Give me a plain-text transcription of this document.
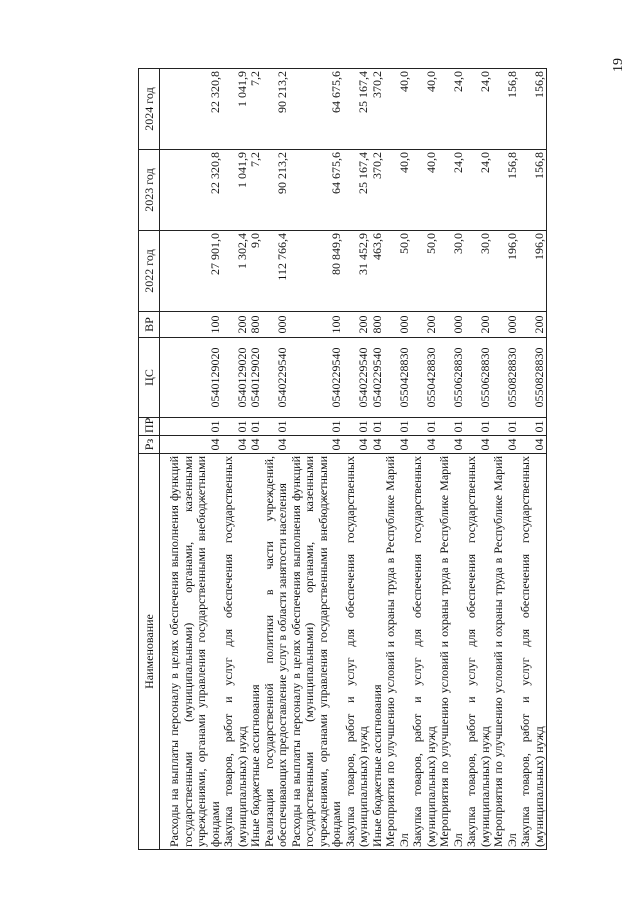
19
Наименование	Рз	ПР	ЦС	ВР	2022 год	2023 год	2024 год

Расходы на выплаты персоналу в целях обеспечения выполнения функций государственными (муниципальными) органами, казенными учреждениями, органами управления государственными внебюджетными фондами	04	01	0540129020	100	27 901,0	22 320,8	22 320,8
Закупка товаров, работ и услуг для обеспечения государственных (муниципальных) нужд	04	01	0540129020	200	1 302,4	1 041,9	1 041,9
Иные бюджетные ассигнования	04	01	0540129020	800	9,0	7,2	7,2
Реализация государственной политики в части учреждений, обеспечивающих предоставление услуг в области занятости населения	04	01	0540229540	000	112 766,4	90 213,2	90 213,2
Расходы на выплаты персоналу в целях обеспечения выполнения функций государственными (муниципальными) органами, казенными учреждениями, органами управления государственными внебюджетными фондами	04	01	0540229540	100	80 849,9	64 675,6	64 675,6
Закупка товаров, работ и услуг для обеспечения государственных (муниципальных) нужд	04	01	0540229540	200	31 452,9	25 167,4	25 167,4
Иные бюджетные ассигнования	04	01	0540229540	800	463,6	370,2	370,2
Мероприятия по улучшению условий и охраны труда в Республике Марий Эл	04	01	0550428830	000	50,0	40,0	40,0
Закупка товаров, работ и услуг для обеспечения государственных (муниципальных) нужд	04	01	0550428830	200	50,0	40,0	40,0
Мероприятия по улучшению условий и охраны труда в Республике Марий Эл	04	01	0550628830	000	30,0	24,0	24,0
Закупка товаров, работ и услуг для обеспечения государственных (муниципальных) нужд	04	01	0550628830	200	30,0	24,0	24,0
Мероприятия по улучшению условий и охраны труда в Республике Марий Эл	04	01	0550828830	000	196,0	156,8	156,8
Закупка товаров, работ и услуг для обеспечения государственных (муниципальных) нужд	04	01	0550828830	200	196,0	156,8	156,8
